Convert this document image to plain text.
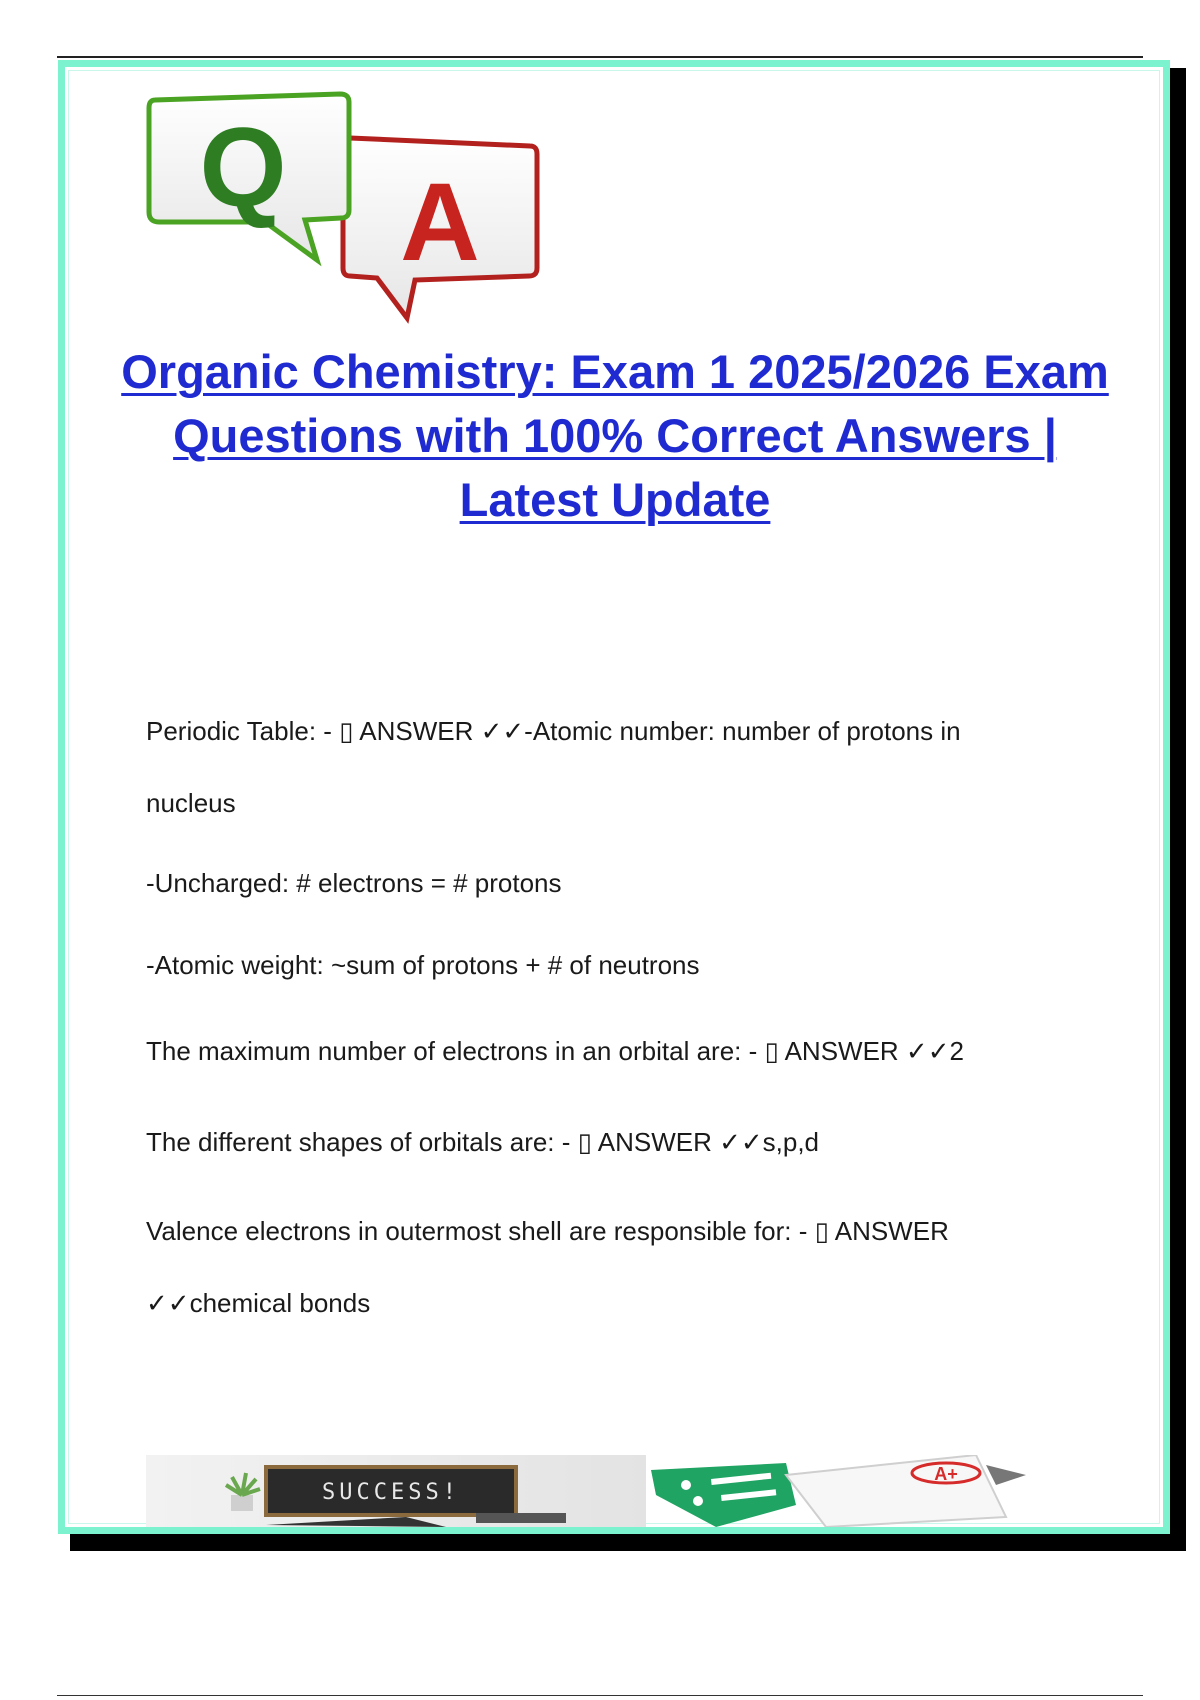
A
Q
Organic Chemistry: Exam 1 2025/2026 Exam Questions with 100% Correct Answers | Latest Update

Periodic Table: - ▯ ANSWER ✓✓-Atomic number: number of protons in

nucleus

-Uncharged: # electrons = # protons

-Atomic weight: ~sum of protons + # of neutrons

The maximum number of electrons in an orbital are: - ▯ ANSWER ✓✓2

The different shapes of orbitals are: - ▯ ANSWER ✓✓s,p,d

Valence electrons in outermost shell are responsible for: - ▯ ANSWER

✓✓chemical bonds

SUCCESS!
A+
